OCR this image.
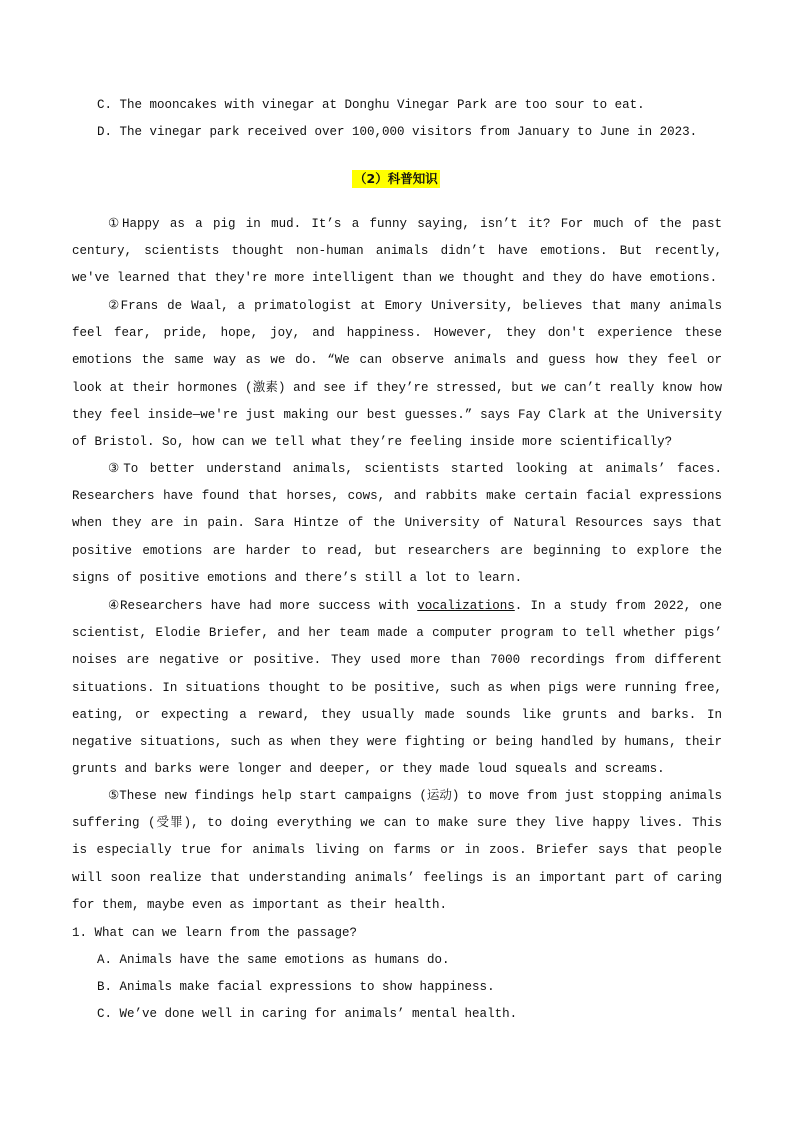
C. The mooncakes with vinegar at Donghu Vinegar Park are too sour to eat.
D. The vinegar park received over 100,000 visitors from January to June in 2023.
（2）科普知识
①Happy as a pig in mud. It’s a funny saying, isn’t it? For much of the past century, scientists thought non-human animals didn’t have emotions. But recently, we've learned that they're more intelligent than we thought and they do have emotions.
②Frans de Waal, a primatologist at Emory University, believes that many animals feel fear, pride, hope, joy, and happiness. However, they don't experience these emotions the same way as we do. “We can observe animals and guess how they feel or look at their hormones (激素) and see if they’re stressed, but we can’t really know how they feel inside—we're just making our best guesses.” says Fay Clark at the University of Bristol. So, how can we tell what they’re feeling inside more scientifically?
③To better understand animals, scientists started looking at animals’ faces. Researchers have found that horses, cows, and rabbits make certain facial expressions when they are in pain. Sara Hintze of the University of Natural Resources says that positive emotions are harder to read, but researchers are beginning to explore the signs of positive emotions and there’s still a lot to learn.
④Researchers have had more success with vocalizations. In a study from 2022, one scientist, Elodie Briefer, and her team made a computer program to tell whether pigs’ noises are negative or positive. They used more than 7000 recordings from different situations. In situations thought to be positive, such as when pigs were running free, eating, or expecting a reward, they usually made sounds like grunts and barks. In negative situations, such as when they were fighting or being handled by humans, their grunts and barks were longer and deeper, or they made loud squeals and screams.
⑤These new findings help start campaigns (运动) to move from just stopping animals suffering (受罪), to doing everything we can to make sure they live happy lives. This is especially true for animals living on farms or in zoos. Briefer says that people will soon realize that understanding animals’ feelings is an important part of caring for them, maybe even as important as their health.
1. What can we learn from the passage?
A. Animals have the same emotions as humans do.
B. Animals make facial expressions to show happiness.
C. We’ve done well in caring for animals’ mental health.
